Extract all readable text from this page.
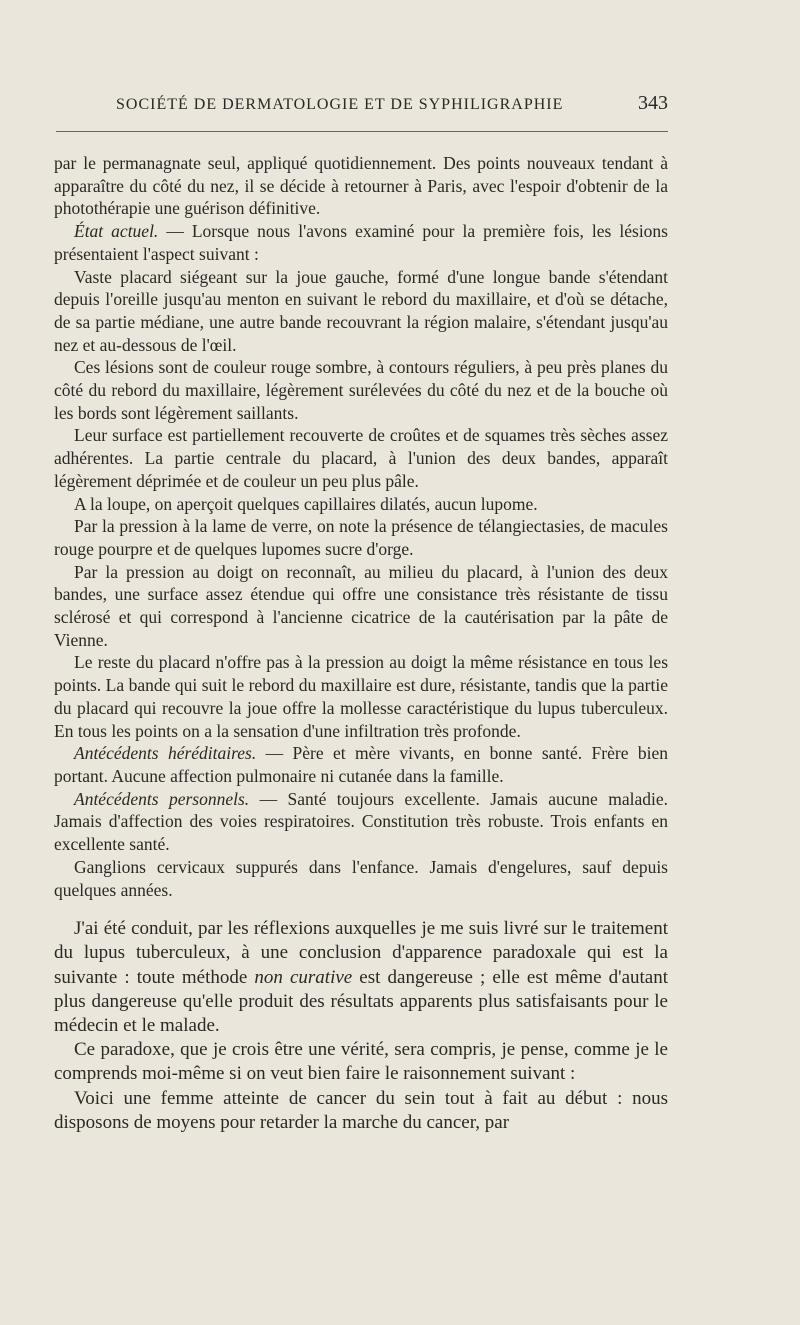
SOCIÉTÉ DE DERMATOLOGIE ET DE SYPHILIGRAPHIE	343

par le permanagnate seul, appliqué quotidiennement. Des points nouveaux tendant à apparaître du côté du nez, il se décide à retourner à Paris, avec l'espoir d'obtenir de la photothérapie une guérison définitive.

État actuel. — Lorsque nous l'avons examiné pour la première fois, les lésions présentaient l'aspect suivant :

Vaste placard siégeant sur la joue gauche, formé d'une longue bande s'étendant depuis l'oreille jusqu'au menton en suivant le rebord du maxillaire, et d'où se détache, de sa partie médiane, une autre bande recouvrant la région malaire, s'étendant jusqu'au nez et au-dessous de l'œil.

Ces lésions sont de couleur rouge sombre, à contours réguliers, à peu près planes du côté du rebord du maxillaire, légèrement surélevées du côté du nez et de la bouche où les bords sont légèrement saillants.

Leur surface est partiellement recouverte de croûtes et de squames très sèches assez adhérentes. La partie centrale du placard, à l'union des deux bandes, apparaît légèrement déprimée et de couleur un peu plus pâle.

A la loupe, on aperçoit quelques capillaires dilatés, aucun lupome.

Par la pression à la lame de verre, on note la présence de télangiectasies, de macules rouge pourpre et de quelques lupomes sucre d'orge.

Par la pression au doigt on reconnaît, au milieu du placard, à l'union des deux bandes, une surface assez étendue qui offre une consistance très résistante de tissu sclérosé et qui correspond à l'ancienne cicatrice de la cautérisation par la pâte de Vienne.

Le reste du placard n'offre pas à la pression au doigt la même résistance en tous les points. La bande qui suit le rebord du maxillaire est dure, résistante, tandis que la partie du placard qui recouvre la joue offre la mollesse caractéristique du lupus tuberculeux. En tous les points on a la sensation d'une infiltration très profonde.

Antécédents héréditaires. — Père et mère vivants, en bonne santé. Frère bien portant. Aucune affection pulmonaire ni cutanée dans la famille.

Antécédents personnels. — Santé toujours excellente. Jamais aucune maladie. Jamais d'affection des voies respiratoires. Constitution très robuste. Trois enfants en excellente santé.

Ganglions cervicaux suppurés dans l'enfance. Jamais d'engelures, sauf depuis quelques années.

J'ai été conduit, par les réflexions auxquelles je me suis livré sur le traitement du lupus tuberculeux, à une conclusion d'apparence paradoxale qui est la suivante : toute méthode non curative est dangereuse ; elle est même d'autant plus dangereuse qu'elle produit des résultats apparents plus satisfaisants pour le médecin et le malade.

Ce paradoxe, que je crois être une vérité, sera compris, je pense, comme je le comprends moi-même si on veut bien faire le raisonnement suivant :

Voici une femme atteinte de cancer du sein tout à fait au début : nous disposons de moyens pour retarder la marche du cancer, par
